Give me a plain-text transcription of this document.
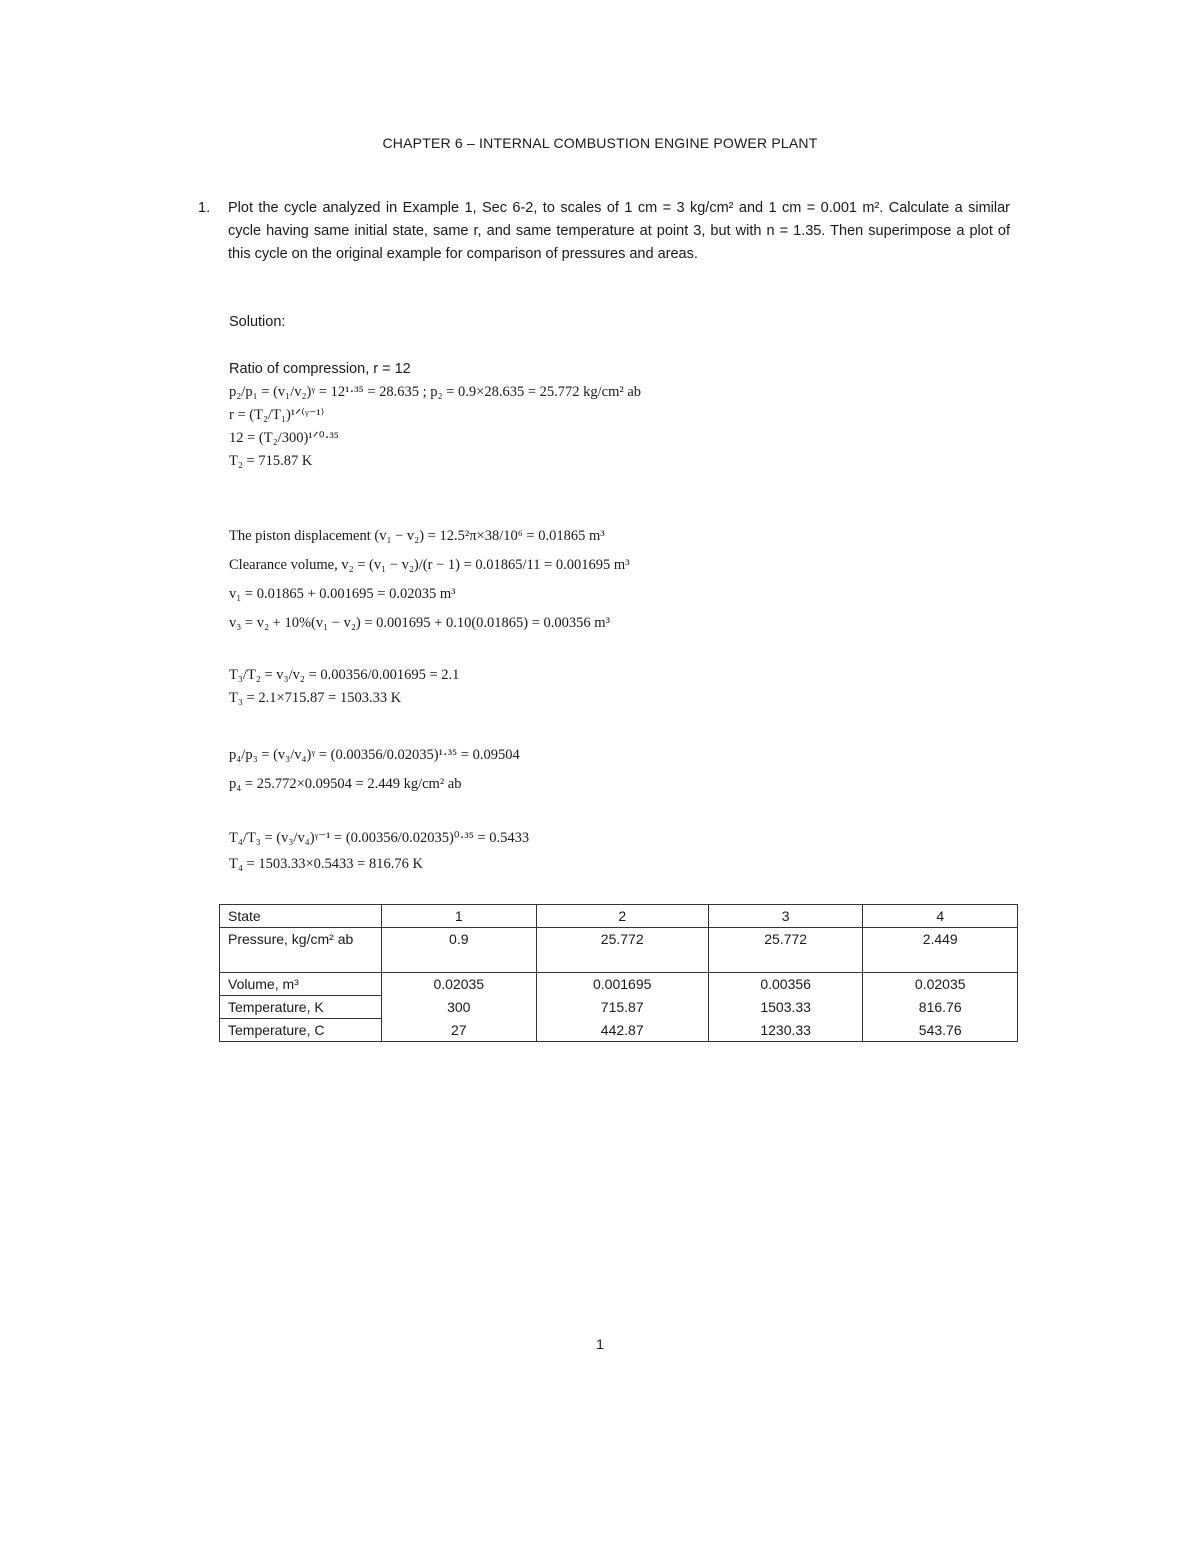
CHAPTER 6 – INTERNAL COMBUSTION ENGINE POWER PLANT
1. Plot the cycle analyzed in Example 1, Sec 6-2, to scales of 1 cm = 3 kg/cm² and 1 cm = 0.001 m². Calculate a similar cycle having same initial state, same r, and same temperature at point 3, but with n = 1.35. Then superimpose a plot of this cycle on the original example for comparison of pressures and areas.
Solution:
Ratio of compression, r = 12
p₂/p₁ = (v₁/v₂)ᵞ = 12¹·³⁵ = 28.635 ; p₂ = 0.9×28.635 = 25.772 kg/cm² ab
r = (T₂/T₁)¹ᐟ⁽ᵞ⁻¹⁾
12 = (T₂/300)¹ᐟ⁰·³⁵
T₂ = 715.87 K
The piston displacement (v₁ − v₂) = 12.5²π×38/10⁶ = 0.01865 m³
Clearance volume, v₂ = (v₁ − v₂)/(r − 1) = 0.01865/11 = 0.001695 m³
v₁ = 0.01865 + 0.001695 = 0.02035 m³
v₃ = v₂ + 10%(v₁ − v₂) = 0.001695 + 0.10(0.01865) = 0.00356 m³
T₃/T₂ = v₃/v₂ = 0.00356/0.001695 = 2.1
T₃ = 2.1×715.87 = 1503.33 K
p₄/p₃ = (v₃/v₄)ᵞ = (0.00356/0.02035)¹·³⁵ = 0.09504
p₄ = 25.772×0.09504 = 2.449 kg/cm² ab
T₄/T₃ = (v₃/v₄)ᵞ⁻¹ = (0.00356/0.02035)⁰·³⁵ = 0.5433
T₄ = 1503.33×0.5433 = 816.76 K
State	1	2	3	4
Pressure, kg/cm² ab	0.9	25.772	25.772	2.449
Volume, m³	0.02035	0.001695	0.00356	0.02035
Temperature, K	300	715.87	1503.33	816.76
Temperature, C	27	442.87	1230.33	543.76
1
